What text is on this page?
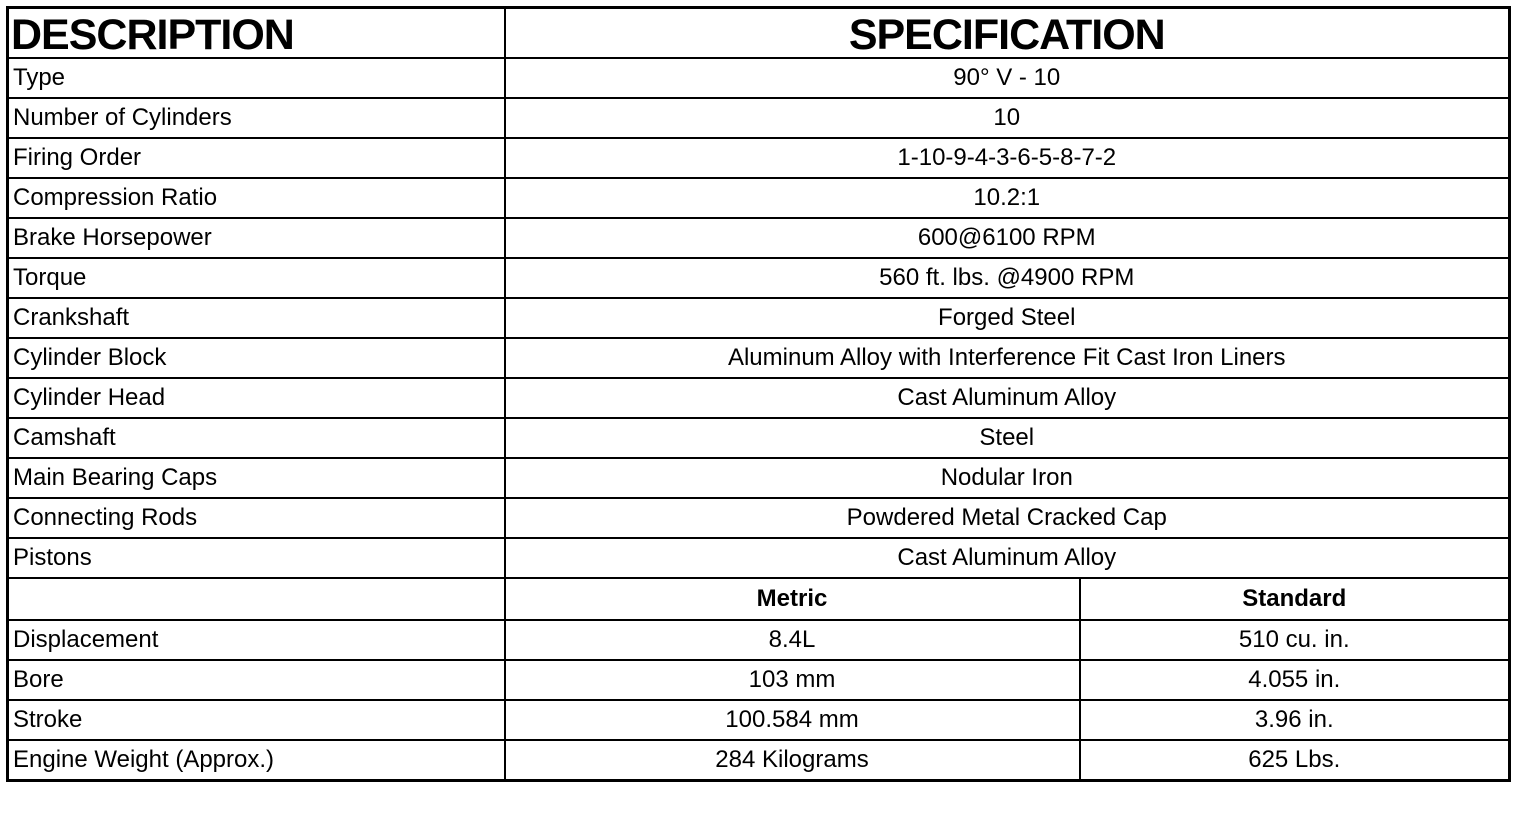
DESCRIPTION	SPECIFICATION	
Type	90° V - 10	
Number of Cylinders	10	
Firing Order	1-10-9-4-3-6-5-8-7-2	
Compression Ratio	10.2:1	
Brake Horsepower	600@6100 RPM	
Torque	560 ft. lbs. @4900 RPM	
Crankshaft	Forged Steel	
Cylinder Block	Aluminum Alloy with Interference Fit Cast Iron Liners	
Cylinder Head	Cast Aluminum Alloy	
Camshaft	Steel	
Main Bearing Caps	Nodular Iron	
Connecting Rods	Powdered Metal Cracked Cap	
Pistons	Cast Aluminum Alloy	
	Metric	Standard
Displacement	8.4L	510 cu. in.
Bore	103 mm	4.055 in.
Stroke	100.584 mm	3.96 in.
Engine Weight (Approx.)	284 Kilograms	625 Lbs.
